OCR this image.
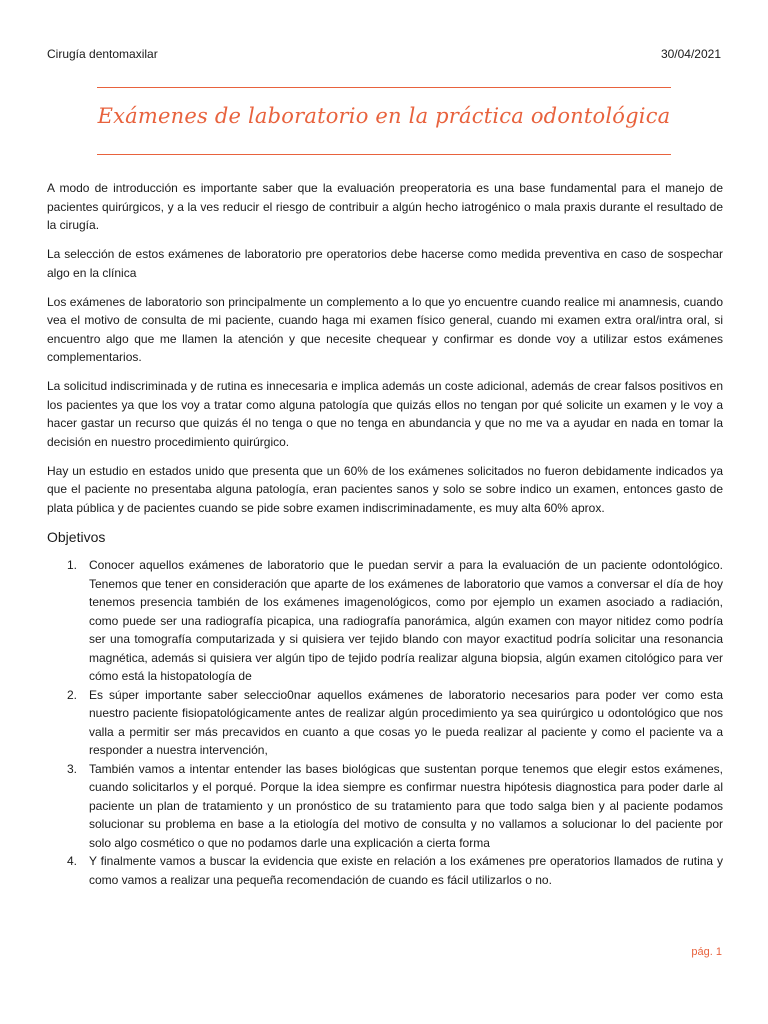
Cirugía dentomaxilar	30/04/2021
Exámenes de laboratorio en la práctica odontológica

A modo de introducción es importante saber que la evaluación preoperatoria es una base fundamental para el manejo de pacientes quirúrgicos, y a la ves reducir el riesgo de contribuir a algún hecho iatrogénico o mala praxis durante el resultado de la cirugía.

La selección de estos exámenes de laboratorio pre operatorios debe hacerse como medida preventiva en caso de sospechar algo en la clínica

Los exámenes de laboratorio son principalmente un complemento a lo que yo encuentre cuando realice mi anamnesis, cuando vea el motivo de consulta de mi paciente, cuando haga mi examen físico general, cuando mi examen extra oral/intra oral, si encuentro algo que me llamen la atención y que necesite chequear y confirmar es donde voy a utilizar estos exámenes complementarios.

La solicitud indiscriminada y de rutina es innecesaria e implica además un coste adicional, además de crear falsos positivos en los pacientes ya que los voy a tratar como alguna patología que quizás ellos no tengan por qué solicite un examen y le voy a hacer gastar un recurso que quizás él no tenga o que no tenga en abundancia y que no me va a ayudar en nada en tomar la decisión en nuestro procedimiento quirúrgico.

Hay un estudio en estados unido que presenta que un 60% de los exámenes solicitados no fueron debidamente indicados ya que el paciente no presentaba alguna patología, eran pacientes sanos y solo se sobre indico un examen, entonces gasto de plata pública y de pacientes cuando se pide sobre examen indiscriminadamente, es muy alta 60% aprox.

Objetivos
1. Conocer aquellos exámenes de laboratorio que le puedan servir a para la evaluación de un paciente odontológico. Tenemos que tener en consideración que aparte de los exámenes de laboratorio que vamos a conversar el día de hoy tenemos presencia también de los exámenes imagenológicos, como por ejemplo un examen asociado a radiación, como puede ser una radiografía picapica, una radiografía panorámica, algún examen con mayor nitidez como podría ser una tomografía computarizada y si quisiera ver tejido blando con mayor exactitud podría solicitar una resonancia magnética, además si quisiera ver algún tipo de tejido podría realizar alguna biopsia, algún examen citológico para ver cómo está la histopatología de
2. Es súper importante saber seleccio0nar aquellos exámenes de laboratorio necesarios para poder ver como esta nuestro paciente fisiopatológicamente antes de realizar algún procedimiento ya sea quirúrgico u odontológico que nos valla a permitir ser más precavidos en cuanto a que cosas yo le pueda realizar al paciente y como el paciente va a responder a nuestra intervención,
3. También vamos a intentar entender las bases biológicas que sustentan porque tenemos que elegir estos exámenes, cuando solicitarlos y el porqué. Porque la idea siempre es confirmar nuestra hipótesis diagnostica para poder darle al paciente un plan de tratamiento y un pronóstico de su tratamiento para que todo salga bien y al paciente podamos solucionar su problema en base a la etiología del motivo de consulta y no vallamos a solucionar lo del paciente por solo algo cosmético o que no podamos darle una explicación a cierta forma
4. Y finalmente vamos a buscar la evidencia que existe en relación a los exámenes pre operatorios llamados de rutina y como vamos a realizar una pequeña recomendación de cuando es fácil utilizarlos o no.
pág. 1
